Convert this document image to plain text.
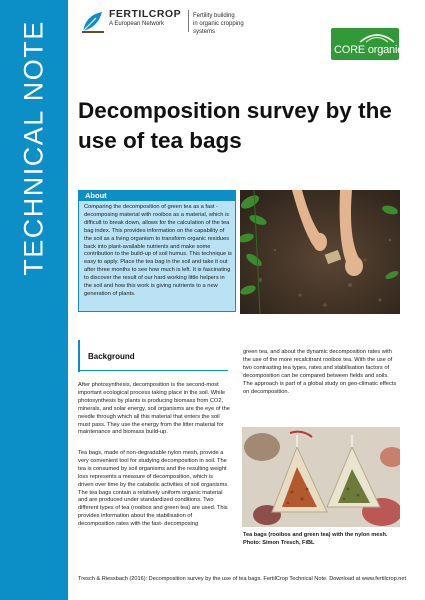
TECHNICAL NOTE
FERTILCROP
A European Network
Fertility building
in organic cropping systems
CORE organic
Decomposition survey by the use of tea bags
About

Comparing the decomposition of green tea as a fast -decomposing material with rooibos as a material, which is difficult to break down, allows for the calculation of the tea bag index. This provides information on the capability of the soil as a living organism to transform organic residues back into plant-available nutrients and make some contribution to the build-up of soil humus. This technique is easy to apply. Place the tea bag in the soil and take it out after three months to see how much is left. It is fascinating to discover the result of our hard working little helpers in the soil and how this work is giving nutrients to a new generation of plants.

Background

After photosynthesis, decomposition is the second-most important ecological process taking place in the soil. While photosynthesis by plants is producing biomass from CO2, minerals, and solar energy, soil organisms are the eye of the needle through which all this material that enters the soil must pass. They use the energy from the litter material for maintenance and biomass build-up.

Tea bags, made of non-degradable nylon mesh, provide a very convenient tool for studying decomposition in soil. The tea is consumed by soil organisms and the resulting weight loss represents a measure of decomposition, which is driven over time by the catabolic activities of soil organisms. The tea bags contain a relatively uniform organic material and are produced under standardized conditions. Two different types of tea (rooibos and green tea) are used. This provides information about the stabilisation of decomposition rates with the fast- decomposing

green tea, and about the dynamic decomposition rates with the use of the more recalcitrant rooibos tea. With the use of two contrasting tea types, rates and stabilisation factors of decomposition can be compared between fields and soils. The approach is part of a global study on geo-climatic effects on decomposition.

Tea bags (rooibos and green tea) with the nylon mesh.
Photo: Simon Tresch, FiBL
Tresch & Riessbach (2016): Decomposition survey by the use of tea bags. FertilCrop Technical Note. Download at www.fertilcrop.net
